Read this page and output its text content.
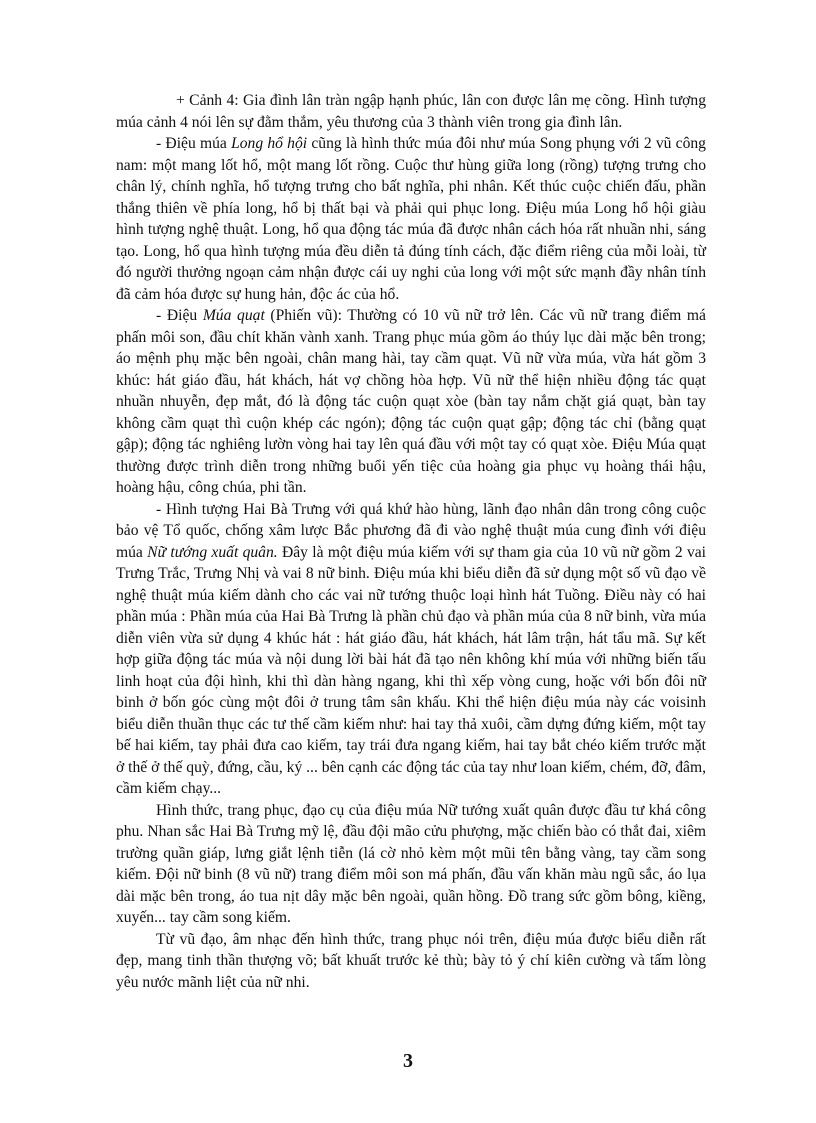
+ Cảnh 4: Gia đình lân tràn ngập hạnh phúc, lân con được lân mẹ cõng. Hình tượng múa cảnh 4 nói lên sự đằm thắm, yêu thương của 3 thành viên trong gia đình lân.

- Điệu múa Long hổ hội cũng là hình thức múa đôi như múa Song phụng với 2 vũ công nam: một mang lốt hổ, một mang lốt rồng. Cuộc thư hùng giữa long (rồng) tượng trưng cho chân lý, chính nghĩa, hổ tượng trưng cho bất nghĩa, phi nhân. Kết thúc cuộc chiến đấu, phần thắng thiên về phía long, hổ bị thất bại và phải qui phục long. Điệu múa Long hổ hội giàu hình tượng nghệ thuật. Long, hổ qua động tác múa đã được nhân cách hóa rất nhuần nhi, sáng tạo. Long, hổ qua hình tượng múa đều diễn tả đúng tính cách, đặc điểm riêng của mỗi loài, từ đó người thưởng ngoạn cảm nhận được cái uy nghi của long với một sức mạnh đầy nhân tính đã cảm hóa được sự hung hản, độc ác của hổ.

- Điệu Múa quạt (Phiến vũ): Thường có 10 vũ nữ trở lên. Các vũ nữ trang điểm má phấn môi son, đầu chít khăn vành xanh. Trang phục múa gồm áo thúy lục dài mặc bên trong; áo mệnh phụ mặc bên ngoài, chân mang hài, tay cầm quạt. Vũ nữ vừa múa, vừa hát gồm 3 khúc: hát giáo đầu, hát khách, hát vợ chồng hòa hợp. Vũ nữ thể hiện nhiều động tác quạt nhuần nhuyễn, đẹp mắt, đó là động tác cuộn quạt xòe (bàn tay nắm chặt giá quạt, bàn tay không cầm quạt thì cuộn khép các ngón); động tác cuộn quạt gập; động tác chỉ (bằng quạt gập); động tác nghiêng lườn vòng hai tay lên quá đầu với một tay có quạt xòe. Điệu Múa quạt thường được trình diễn trong những buổi yến tiệc của hoàng gia phục vụ hoàng thái hậu, hoàng hậu, công chúa, phi tần.

- Hình tượng Hai Bà Trưng với quá khứ hào hùng, lãnh đạo nhân dân trong công cuộc bảo vệ Tổ quốc, chống xâm lược Bắc phương đã đi vào nghệ thuật múa cung đình với điệu múa Nữ tướng xuất quân. Đây là một điệu múa kiếm với sự tham gia của 10 vũ nữ gồm 2 vai Trưng Trắc, Trưng Nhị và vai 8 nữ binh. Điệu múa khi biểu diễn đã sử dụng một số vũ đạo về nghệ thuật múa kiếm dành cho các vai nữ tướng thuộc loại hình hát Tuồng. Điều này có hai phần múa : Phần múa của Hai Bà Trưng là phần chủ đạo và phần múa của 8 nữ binh, vừa múa diễn viên vừa sử dụng 4 khúc hát : hát giáo đầu, hát khách, hát lâm trận, hát tẩu mã. Sự kết hợp giữa động tác múa và nội dung lời bài hát đã tạo nên không khí múa với những biến tấu linh hoạt của đội hình, khi thì dàn hàng ngang, khi thì xếp vòng cung, hoặc với bốn đôi nữ binh ở bốn góc cùng một đôi ở trung tâm sân khấu. Khi thể hiện điệu múa này các voisinh biểu diễn thuần thục các tư thế cầm kiếm như: hai tay thả xuôi, cầm dựng đứng kiếm, một tay bế hai kiếm, tay phải đưa cao kiếm, tay trái đưa ngang kiếm, hai tay bắt chéo kiếm trước mặt ở thế ở thế quỳ, đứng, cầu, ký ... bên cạnh các động tác của tay như loan kiếm, chém, đỡ, đâm, cầm kiếm chạy...

Hình thức, trang phục, đạo cụ của điệu múa Nữ tướng xuất quân được đầu tư khá công phu. Nhan sắc Hai Bà Trưng mỹ lệ, đầu đội mão cửu phượng, mặc chiến bào có thắt đai, xiêm trường quần giáp, lưng giắt lệnh tiễn (lá cờ nhỏ kèm một mũi tên bằng vàng, tay cầm song kiếm. Đội nữ binh (8 vũ nữ) trang điểm môi son má phấn, đầu vấn khăn màu ngũ sắc, áo lụa dài mặc bên trong, áo tua nịt dây mặc bên ngoài, quần hồng. Đồ trang sức gồm bông, kiềng, xuyến... tay cầm song kiếm.

Từ vũ đạo, âm nhạc đến hình thức, trang phục nói trên, điệu múa được biểu diễn rất đẹp, mang tinh thần thượng võ; bất khuất trước kẻ thù; bày tỏ ý chí kiên cường và tấm lòng yêu nước mãnh liệt của nữ nhi.

3
